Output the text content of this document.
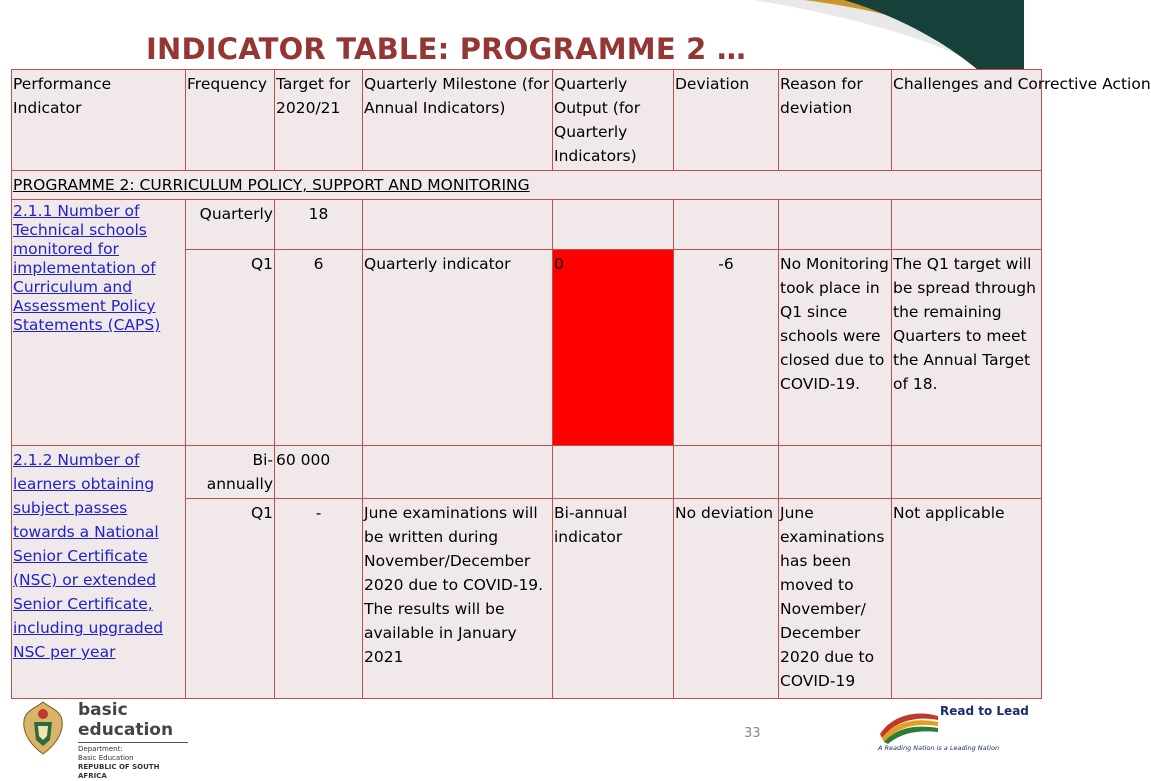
INDICATOR TABLE: PROGRAMME 2 …
Performance Indicator	Frequency	Target for 2020/21	Quarterly Milestone (for Annual Indicators)	Quarterly Output (for Quarterly Indicators)	Deviation	Reason for deviation	Challenges and Corrective Action
PROGRAMME 2: CURRICULUM POLICY, SUPPORT AND MONITORING							

2.1.1 Number of Technical schools monitored for implementation of Curriculum and Assessment Policy Statements (CAPS)	Quarterly	18					
	Q1	6	Quarterly indicator	0	-6	No Monitoring took place in Q1 since schools were closed due to COVID-19.	The Q1 target will be spread through the remaining Quarters to meet the Annual Target of 18.

2.1.2 Number of learners obtaining subject passes towards a National Senior Certificate (NSC) or extended Senior Certificate, including upgraded NSC per year	Bi-annually	60 000					
	Q1	-	June examinations will be written during November/December 2020 due to COVID-19. The results will be available in January 2021	Bi-annual indicator	No deviation	June examinations has been moved to November/ December 2020 due to COVID-19	Not applicable
basic education
Department:
Basic Education
REPUBLIC OF SOUTH AFRICA
33
Read to Lead
A Reading Nation is a Leading Nation
